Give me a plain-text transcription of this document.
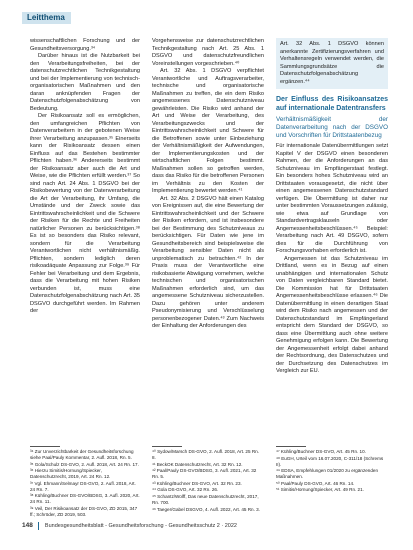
Leitthema

wissenschaftlichen Forschung und der Gesundheitsversorgung.³⁴

Darüber hinaus ist die Nutzbarkeit bei den Verarbeitungsfreiheiten, bei der datenschutzrechtlichen Technikgestaltung und bei der Implementierung von technisch-organisatorischen Maßnahmen und den daran anknüpfenden Fragen der Datenschutzfolgenabschätzung von Bedeutung.

Der Risikoansatz soll es ermöglichen, den umfangreichen Pflichten von Datenverarbeitern in der gebotenen Weise ihrer Verarbeitung anzupassen.³⁵ Einerseits kann der Risikoansatz dessen einen Einfluss auf das Bestehen bestimmter Pflichten haben.³⁶ Andererseits bestimmt der Risikoansatz aber auch die Art und Weise, wie die Pflichten erfüllt werden.³⁷ So sind nach Art. 24 Abs. 1 DSGVO bei der Risikobewertung von der Datenverarbeitung die Art der Verarbeitung, ihr Umfang, die Umstände und der Zweck sowie das Eintrittswahrscheinlichkeit und die Schwere der Risiken für die Rechte und Freiheiten natürlicher Personen zu berücksichtigen.³⁸ Es ist so besonders das Risiko relevant, sondern für die Verarbeitung Verantwortlichen nicht verhältnismäßig. Pflichten, sondern lediglich deren risikoadäquate Anpassung zur Folge.³⁹ Für Fehler bei Verarbeitung und dem Ergebnis, dass die Verarbeitung mit hohen Risiken verbunden ist, muss eine Datenschutzfolgenabschätzung nach Art. 35 DSGVO durchgeführt werden. Im Rahmen der

Vorgehensweise zur datenschutzrechtlichen Technikgestaltung nach Art. 25 Abs. 1 DSGVO und datenschutzfreundlichen Voreinstellungen vorgeschrieben.⁴⁰

Art. 32 Abs. 1 DSGVO verpflichtet Verantwortliche und Auftragsverarbeiter, technische und organisatorische Maßnahmen zu treffen, die ein dem Risiko angemessenes Datenschutzniveau gewährleisten. Die Risiko wird anhand der Art und Weise der Verarbeitung, des Verarbeitungszwecks und der Eintrittswahrscheinlichkeit und Schwere für die Betroffenen sowie unter Einbeziehung der Verhältnismäßigkeit der Aufwendungen, der Implementierungskosten und der wirtschaftlichen Folgen bestimmt. Maßnahmen sollen so getroffen werden, dass das Risiko für die betroffenen Personen im Verhältnis zu den Kosten der Implementierung bewertet werden.⁴¹

Art. 32 Abs. 2 DSGVO hält einen Katalog von Ereignissen auf, die eine Bewertung der Eintrittswahrscheinlichkeit und der Schwere der Risiken erfordern, und ist insbesondere bei der Bestimmung des Schutzniveaus zu berücksichtigen. Für Daten wie jene im Gesundheitsbereich sind beispielsweise die Verarbeitung sensibler Daten nicht als unproblematisch zu betrachten.⁴² In der Praxis muss der Verantwortliche eine risikobasierte Abwägung vornehmen, welche technischen und organisatorischen Maßnahmen erforderlich sind, um das angemessene Schutzniveau sicherzustellen. Dazu gehören unter anderem Pseudonymisierung und Verschlüsselung personenbezogener Daten.⁴³ Zum Nachweis der Einhaltung der Anforderungen des

Art. 32 Abs. 1 DSGVO können anerkannte Zertifizierungsverfahren und Verhaltensregeln verwendet werden, die Sammlungsgrundsätze die Datenschutzfolgenabschätzung ergänzen.⁴⁴

Der Einfluss des Risikoansatzes auf internationale Datentransfers
Verhältnismäßigkeit der Datenverarbeitung nach der DSGVO und Vorschriften für Drittstaatenbezug

Für internationale Datenübermittlungen setzt Kapitel V der DSGVO einen besonderen Rahmen, der die Anforderungen an das Schutzniveau im Empfängerstaat festlegt. Ein besonders hohes Schutzniveau wird an Drittstaaten vorausgesetzt, die nicht über einen angemessenen Datenschutzstandard verfügen. Die Übermittlung ist daher nur unter bestimmten Voraussetzungen zulässig, wie etwa auf Grundlage von Standardvertragsklauseln oder Angemessenheitsbeschlüssen.⁴⁵ Beispiel: Verarbeitung nach Art. 49 DSGVO, sofern dies für die Durchführung von Forschungsvorhaben erforderlich ist.

Angemessen ist das Schutzniveau im Drittland, wenn es in Bezug auf einen unabhängigen und internationalen Schutz von Daten vergleichbaren Standard bietet. Die Kommission hat für Drittstaaten Angemessenheitsbeschlüsse erlassen.⁴⁶ Die Datenübermittlung in einen derartigen Staat wird dem Risiko nach angemessen und der Datenschutzstandard im Empfängerland entspricht dem Standard der DSGVO, so dass eine Übermittlung auch ohne weitere Genehmigung erfolgen kann. Die Bewertung der Angemessenheit erfolgt dabei anhand der Rechtsordnung, des Datenschutzes und der Durchsetzung des Datenschutzes im Vergleich zur EU.

³⁴ Zur Unverzichtbarkeit der Gesundheitsforschung siehe Paal/Pauly Kommentar, 2. Aufl. 2018, Rn. 5.
³⁵ Gola/Schulz DS-GVO, 2. Aufl. 2018, Art. 24 Rn. 17.
³⁶ Hierzu Simitis/Hornung/Spiecker, Datenschutzrecht, 2019, Art. 24 Rn. 12.
³⁷ Vgl. Ehmann/Selmayr DS-GVO, 2. Aufl. 2018, Art. 24 Rn. 7.
³⁸ Kühling/Buchner DS-GVO/BDSG, 3. Aufl. 2020, Art. 24 Rn. 11.
³⁹ Veil, Der Risikoansatz der DS-GVO, ZD 2015, 347 ff.; Schröder, ZD 2019, 503.
⁴⁰ Sydow/Marsch DS-GVO, 2. Aufl. 2018, Art. 25 Rn. 8.
⁴¹ BeckOK Datenschutzrecht, Art. 32 Rn. 12.
⁴² Paal/Pauly DS-GVO/BDSG, 3. Aufl. 2021, Art. 32 Rn. 5.
⁴³ Kühling/Buchner DS-GVO, Art. 32 Rn. 23.
⁴⁴ Gola DS-GVO, Art. 32 Rn. 26.
⁴⁵ Schantz/Wolff, Das neue Datenschutzrecht, 2017, Rn. 700.
⁴⁶ Taeger/Gabel DSGVO, 4. Aufl. 2022, Art. 45 Rn. 3.
⁴⁷ Kühling/Buchner DS-GVO, Art. 45 Rn. 10.
⁴⁸ EuGH, Urteil vom 16.07.2020, C-311/18 (Schrems II).
⁴⁹ EDSA, Empfehlungen 01/2020 zu ergänzenden Maßnahmen.
⁵⁰ Paal/Pauly DS-GVO, Art. 46 Rn. 14.
⁵¹ Simitis/Hornung/Spiecker, Art. 49 Rn. 21.
148 Bundesgesundheitsblatt - Gesundheitsforschung - Gesundheitsschutz 2 · 2022
